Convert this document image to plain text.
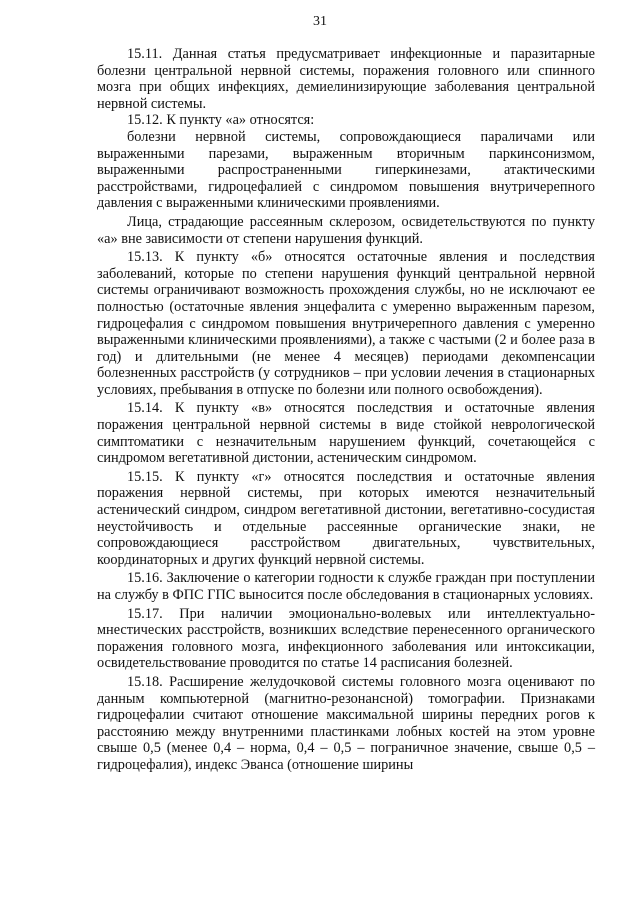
31

15.11. Данная статья предусматривает инфекционные и паразитарные болезни центральной нервной системы, поражения головного или спинного мозга при общих инфекциях, демиелинизирующие заболевания центральной нервной системы.

15.12. К пункту «а» относятся:

болезни нервной системы, сопровождающиеся параличами или выраженными парезами, выраженным вторичным паркинсонизмом, выраженными распространенными гиперкинезами, атактическими расстройствами, гидроцефалией с синдромом повышения внутричерепного давления с выраженными клиническими проявлениями.

Лица, страдающие рассеянным склерозом, освидетельствуются по пункту «а» вне зависимости от степени нарушения функций.

15.13. К пункту «б» относятся остаточные явления и последствия заболеваний, которые по степени нарушения функций центральной нервной системы ограничивают возможность прохождения службы, но не исключают ее полностью (остаточные явления энцефалита с умеренно выраженным парезом, гидроцефалия с синдромом повышения внутричерепного давления с умеренно выраженными клиническими проявлениями), а также с частыми (2 и более раза в год) и длительными (не менее 4 месяцев) периодами декомпенсации болезненных расстройств (у сотрудников – при условии лечения в стационарных условиях, пребывания в отпуске по болезни или полного освобождения).

15.14. К пункту «в» относятся последствия и остаточные явления поражения центральной нервной системы в виде стойкой неврологической симптоматики с незначительным нарушением функций, сочетающейся с синдромом вегетативной дистонии, астеническим синдромом.

15.15. К пункту «г» относятся последствия и остаточные явления поражения нервной системы, при которых имеются незначительный астенический синдром, синдром вегетативной дистонии, вегетативно-сосудистая неустойчивость и отдельные рассеянные органические знаки, не сопровождающиеся расстройством двигательных, чувствительных, координаторных и других функций нервной системы.

15.16. Заключение о категории годности к службе граждан при поступлении на службу в ФПС ГПС выносится после обследования в стационарных условиях.

15.17. При наличии эмоционально-волевых или интеллектуально-мнестических расстройств, возникших вследствие перенесенного органического поражения головного мозга, инфекционного заболевания или интоксикации, освидетельствование проводится по статье 14 расписания болезней.

15.18. Расширение желудочковой системы головного мозга оценивают по данным компьютерной (магнитно-резонансной) томографии. Признаками гидроцефалии считают отношение максимальной ширины передних рогов к расстоянию между внутренними пластинками лобных костей на этом уровне свыше 0,5 (менее 0,4 – норма, 0,4 – 0,5 – пограничное значение, свыше 0,5 – гидроцефалия), индекс Эванса (отношение ширины
